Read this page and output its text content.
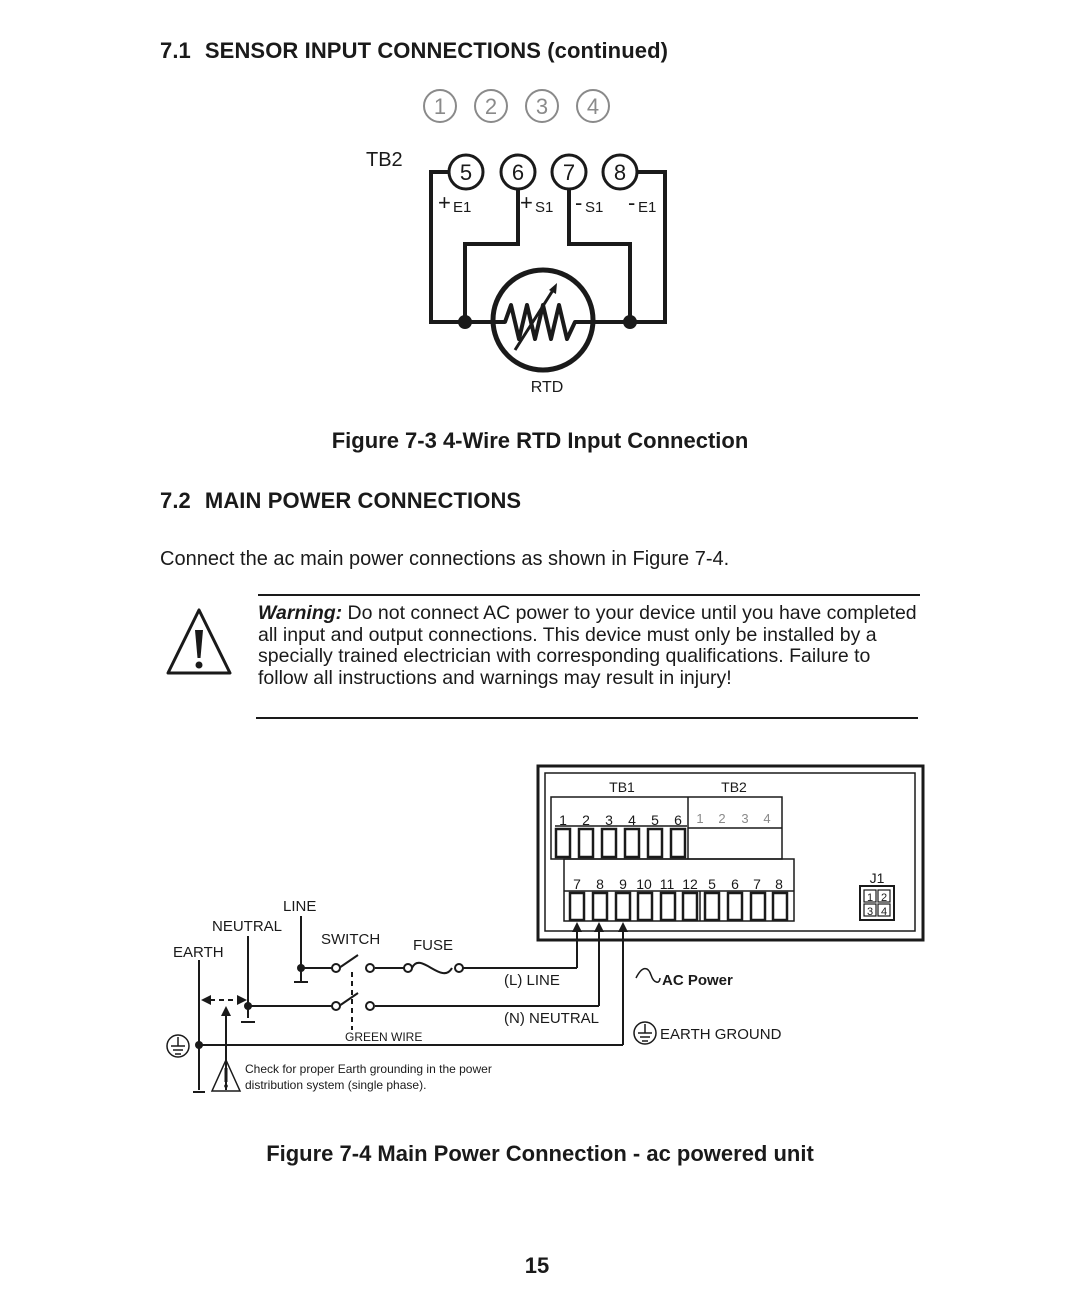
7.1 SENSOR INPUT CONNECTIONS (continued)
1 2 3 4
TB2	5 6 7 8
+ E1 + S1 - S1 - E1
RTD
Figure 7-3 4-Wire RTD Input Connection
7.2 MAIN POWER CONNECTIONS
Connect the ac main power connections as shown in Figure 7-4.
Warning: Do not connect AC power to your device until you have completed all input and output connections. This device must only be installed by a specially trained electrician with corresponding qualifications. Failure to follow all instructions and warnings may result in injury!
TB1	TB2
1 2 3 4 5 6 1 2 3 4
7 8 9 10 11 12 5 6 7 8	J1
1 2
3 4
LINE
NEUTRAL
EARTH
SWITCH FUSE
(L) LINE
(N) NEUTRAL
GREEN WIRE
AC Power
EARTH GROUND
Check for proper Earth grounding in the power
distribution system (single phase).
Figure 7-4 Main Power Connection - ac powered unit
15
